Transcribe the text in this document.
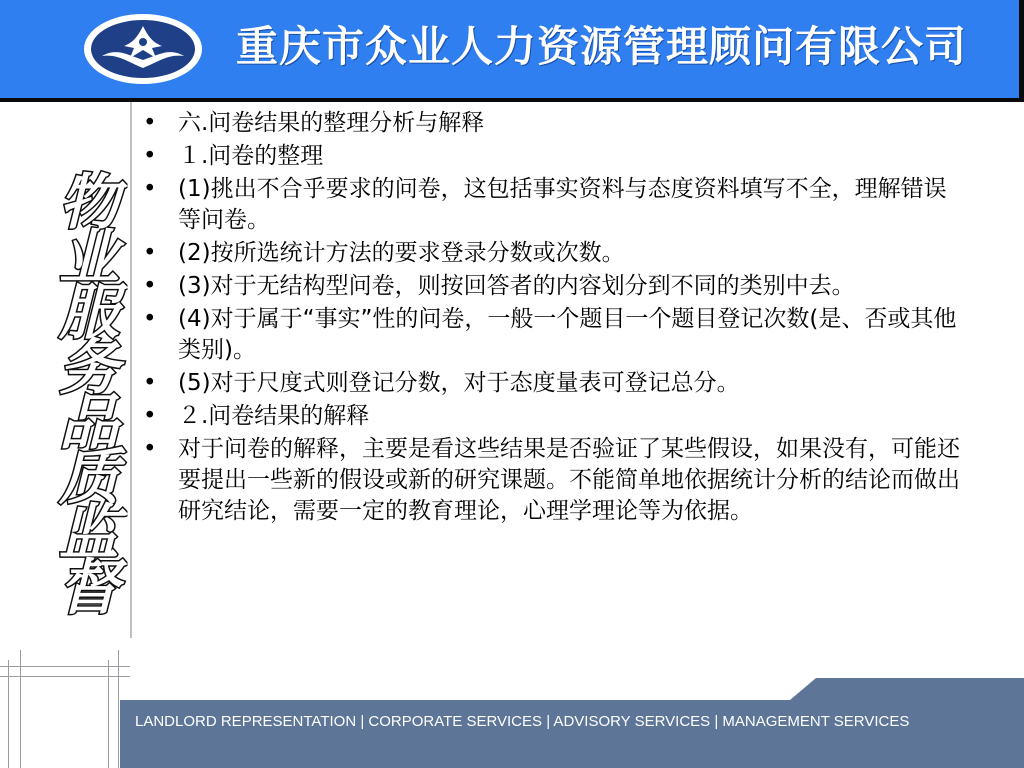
重庆市众业人力资源管理顾问有限公司
物业服务品质监督
• 六.问卷结果的整理分析与解释
• １.问卷的整理
• (1)挑出不合乎要求的问卷，这包括事实资料与态度资料填写不全，理解错误等问卷。
• (2)按所选统计方法的要求登录分数或次数。
• (3)对于无结构型问卷，则按回答者的内容划分到不同的类别中去。
• (4)对于属于“事实”性的问卷，一般一个题目一个题目登记次数(是、否或其他类别)。
• (5)对于尺度式则登记分数，对于态度量表可登记总分。
• ２.问卷结果的解释
• 对于问卷的解释，主要是看这些结果是否验证了某些假设，如果没有，可能还要提出一些新的假设或新的研究课题。不能简单地依据统计分析的结论而做出研究结论，需要一定的教育理论，心理学理论等为依据。
LANDLORD REPRESENTATION | CORPORATE SERVICES | ADVISORY SERVICES | MANAGEMENT SERVICES
